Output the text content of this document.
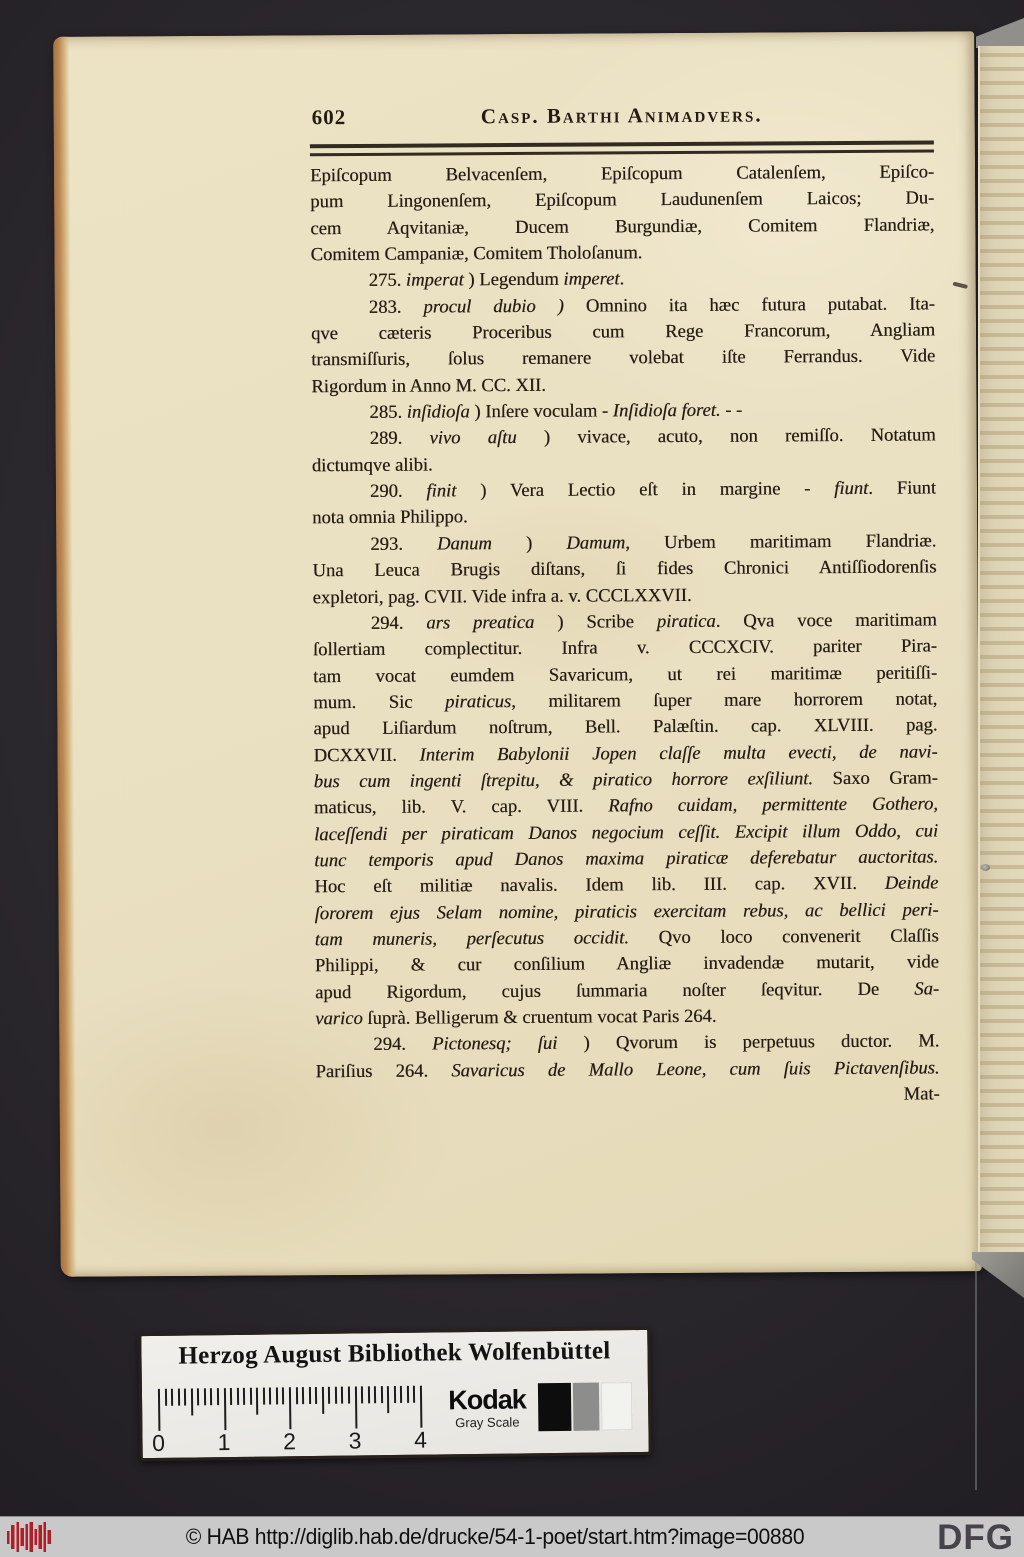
602	Casp. Barthi Animadvers.
Epiſcopum Belvacenſem, Epiſcopum Catalenſem, Epiſco-
pum Lingonenſem, Epiſcopum Laudunenſem Laicos; Du-
cem Aqvitaniæ, Ducem Burgundiæ, Comitem Flandriæ,
Comitem Campaniæ, Comitem Tholoſanum.
275. imperat ) Legendum imperet.
283. procul dubio ) Omnino ita hæc futura putabat. Ita-
qve cæteris Proceribus cum Rege Francorum, Angliam
transmiſſuris, ſolus remanere volebat iſte Ferrandus. Vide
Rigordum in Anno M. CC. XII.
285. inſidioſa ) Inſere voculam - Inſidioſa foret. - -
289. vivo aſtu ) vivace, acuto, non remiſſo. Notatum
dictumqve alibi.
290. finit ) Vera Lectio eſt in margine - fiunt. Fiunt
nota omnia Philippo.
293. Danum ) Damum, Urbem maritimam Flandriæ.
Una Leuca Brugis diſtans, ſi fides Chronici Antiſſiodorenſis
expletori, pag. CVII. Vide infra a. v. CCCLXXVII.
294. ars preatica ) Scribe piratica. Qva voce maritimam
ſollertiam complectitur. Infra v. CCCXCIV. pariter Pira-
tam vocat eumdem Savaricum, ut rei maritimæ peritiſſi-
mum. Sic piraticus, militarem ſuper mare horrorem notat,
apud Liſiardum noſtrum, Bell. Palæſtin. cap. XLVIII. pag.
DCXXVII. Interim Babylonii Jopen claſſe multa evecti, de navi-
bus cum ingenti ſtrepitu, & piratico horrore exſiliunt. Saxo Gram-
maticus, lib. V. cap. VIII. Rafno cuidam, permittente Gothero,
laceſſendi per piraticam Danos negocium ceſſit. Excipit illum Oddo, cui
tunc temporis apud Danos maxima piraticæ deferebatur auctoritas.
Hoc eſt militiæ navalis. Idem lib. III. cap. XVII. Deinde
ſororem ejus Selam nomine, piraticis exercitam rebus, ac bellici peri-
tam muneris, perſecutus occidit. Qvo loco convenerit Claſſis
Philippi, & cur conſilium Angliæ invadendæ mutarit, vide
apud Rigordum, cujus ſummaria noſter ſeqvitur. De Sa-
varico ſuprà. Belligerum & cruentum vocat Paris 264.
294. Pictonesq; ſui ) Qvorum is perpetuus ductor. M.
Pariſius 264. Savaricus de Mallo Leone, cum ſuis Pictavenſibus.
Mat-
Herzog August Bibliothek Wolfenbüttel
Kodak
Gray Scale
0 1 2 3 4
© HAB http://diglib.hab.de/drucke/54-1-poet/start.htm?image=00880	DFG
